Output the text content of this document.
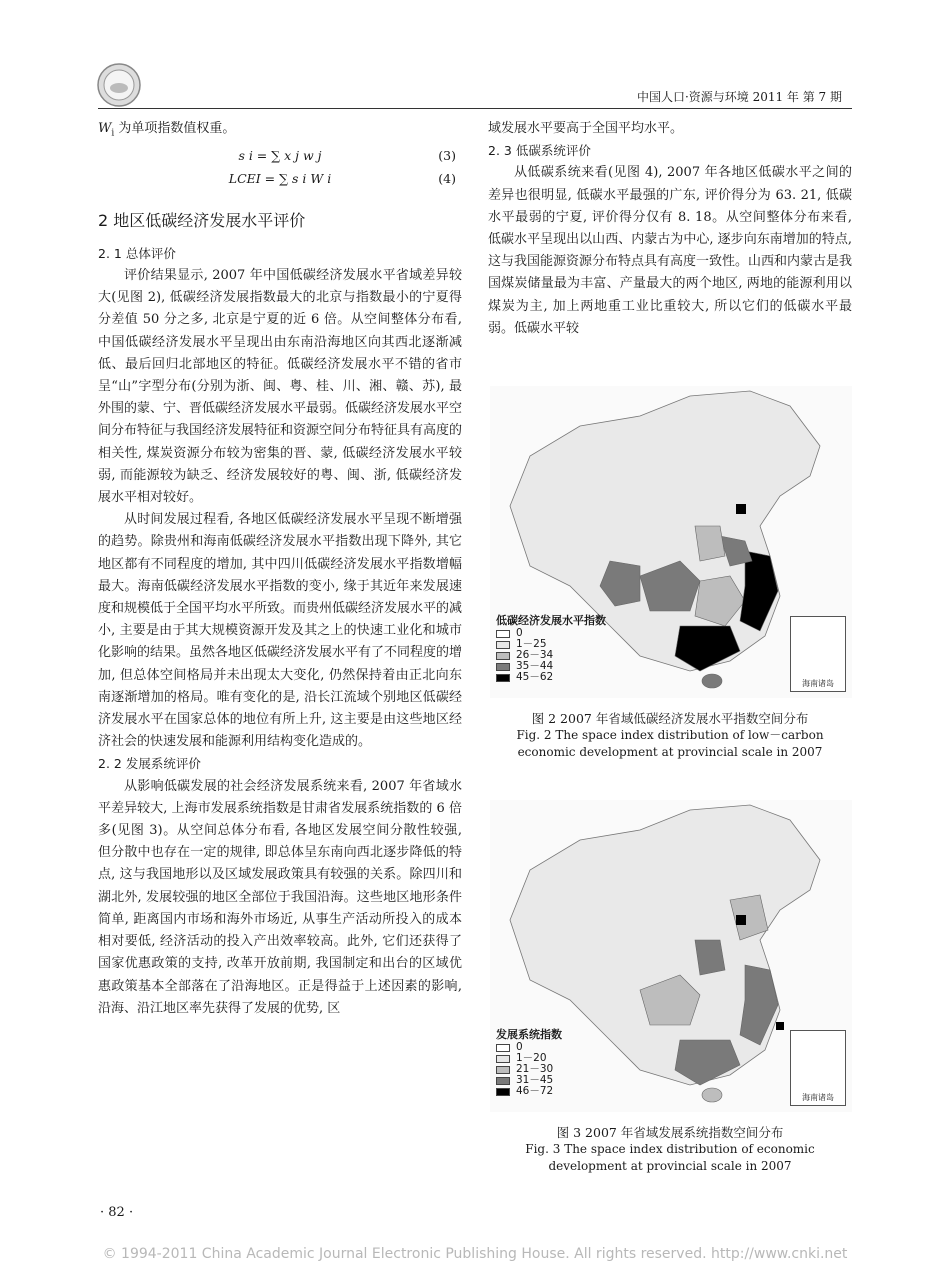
中国人口·资源与环境 2011 年 第 7 期

$W_i$ 为单项指数值权重。

s i = ∑ x j w j	(3)
LCEI = ∑ s i W i	(4)
2 地区低碳经济发展水平评价

2. 1 总体评价

评价结果显示, 2007 年中国低碳经济发展水平省域差异较大(见图 2), 低碳经济发展指数最大的北京与指数最小的宁夏得分差值 50 分之多, 北京是宁夏的近 6 倍。从空间整体分布看, 中国低碳经济发展水平呈现出由东南沿海地区向其西北逐渐减低、最后回归北部地区的特征。低碳经济发展水平不错的省市呈“山”字型分布(分别为浙、闽、粤、桂、川、湘、赣、苏), 最外围的蒙、宁、晋低碳经济发展水平最弱。低碳经济发展水平空间分布特征与我国经济发展特征和资源空间分布特征具有高度的相关性, 煤炭资源分布较为密集的晋、蒙, 低碳经济发展水平较弱, 而能源较为缺乏、经济发展较好的粤、闽、浙, 低碳经济发展水平相对较好。

从时间发展过程看, 各地区低碳经济发展水平呈现不断增强的趋势。除贵州和海南低碳经济发展水平指数出现下降外, 其它地区都有不同程度的增加, 其中四川低碳经济发展水平指数增幅最大。海南低碳经济发展水平指数的变小, 缘于其近年来发展速度和规模低于全国平均水平所致。而贵州低碳经济发展水平的减小, 主要是由于其大规模资源开发及其之上的快速工业化和城市化影响的结果。虽然各地区低碳经济发展水平有了不同程度的增加, 但总体空间格局并未出现太大变化, 仍然保持着由正北向东南逐渐增加的格局。唯有变化的是, 沿长江流域个别地区低碳经济发展水平在国家总体的地位有所上升, 这主要是由这些地区经济社会的快速发展和能源利用结构变化造成的。

2. 2 发展系统评价

从影响低碳发展的社会经济发展系统来看, 2007 年省域水平差异较大, 上海市发展系统指数是甘肃省发展系统指数的 6 倍多(见图 3)。从空间总体分布看, 各地区发展空间分散性较强, 但分散中也存在一定的规律, 即总体呈东南向西北逐步降低的特点, 这与我国地形以及区域发展政策具有较强的关系。除四川和湖北外, 发展较强的地区全部位于我国沿海。这些地区地形条件简单, 距离国内市场和海外市场近, 从事生产活动所投入的成本相对要低, 经济活动的投入产出效率较高。此外, 它们还获得了国家优惠政策的支持, 改革开放前期, 我国制定和出台的区域优惠政策基本全部落在了沿海地区。正是得益于上述因素的影响, 沿海、沿江地区率先获得了发展的优势, 区

域发展水平要高于全国平均水平。

2. 3 低碳系统评价

从低碳系统来看(见图 4), 2007 年各地区低碳水平之间的差异也很明显, 低碳水平最强的广东, 评价得分为 63. 21, 低碳水平最弱的宁夏, 评价得分仅有 8. 18。从空间整体分布来看, 低碳水平呈现出以山西、内蒙古为中心, 逐步向东南增加的特点, 这与我国能源资源分布特点具有高度一致性。山西和内蒙古是我国煤炭储量最为丰富、产量最大的两个地区, 两地的能源利用以煤炭为主, 加上两地重工业比重较大, 所以它们的低碳水平最弱。低碳水平较

低碳经济发展水平指数
0
1－25
26－34
35－44
45－62
海南诸岛
图 2 2007 年省域低碳经济发展水平指数空间分布
Fig. 2 The space index distribution of low－carbon
economic development at provincial scale in 2007
发展系统指数
0
1－20
21－30
31－45
46－72
海南诸岛
图 3 2007 年省域发展系统指数空间分布
Fig. 3 The space index distribution of economic
development at provincial scale in 2007
· 82 ·
© 1994-2011 China Academic Journal Electronic Publishing House. All rights reserved. http://www.cnki.net
